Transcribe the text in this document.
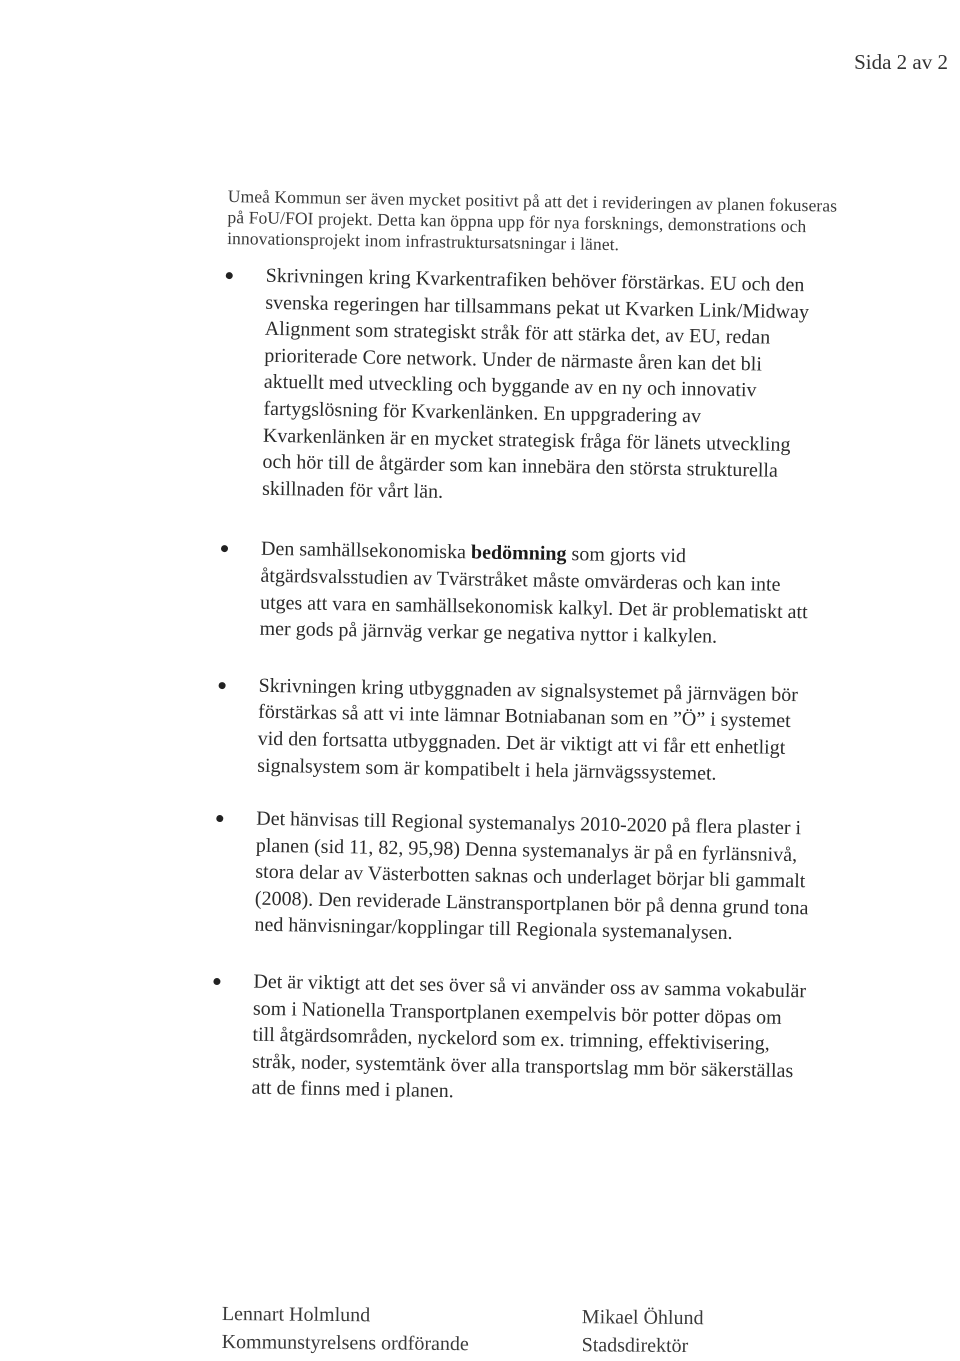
Sida 2 av 2

Umeå Kommun ser även mycket positivt på att det i revideringen av planen fokuseras på FoU/FOI projekt. Detta kan öppna upp för nya forsknings, demonstrations och innovationsprojekt inom infrastruktursatsningar i länet.

Skrivningen kring Kvarkentrafiken behöver förstärkas. EU och den svenska regeringen har tillsammans pekat ut Kvarken Link/Midway Alignment som strategiskt stråk för att stärka det, av EU, redan prioriterade Core network. Under de närmaste åren kan det bli aktuellt med utveckling och byggande av en ny och innovativ fartygslösning för Kvarkenlänken. En uppgradering av Kvarkenlänken är en mycket strategisk fråga för länets utveckling och hör till de åtgärder som kan innebära den största strukturella skillnaden för vårt län.
Den samhällsekonomiska bedömning som gjorts vid åtgärdsvalsstudien av Tvärstråket måste omvärderas och kan inte utges att vara en samhällsekonomisk kalkyl. Det är problematiskt att mer gods på järnväg verkar ge negativa nyttor i kalkylen.
Skrivningen kring utbyggnaden av signalsystemet på järnvägen bör förstärkas så att vi inte lämnar Botniabanan som en ”Ö” i systemet vid den fortsatta utbyggnaden. Det är viktigt att vi får ett enhetligt signalsystem som är kompatibelt i hela järnvägssystemet.
Det hänvisas till Regional systemanalys 2010-2020 på flera plaster i planen (sid 11, 82, 95,98) Denna systemanalys är på en fyrlänsnivå, stora delar av Västerbotten saknas och underlaget börjar bli gammalt (2008). Den reviderade Länstransportplanen bör på denna grund tona ned hänvisningar/kopplingar till Regionala systemanalysen.
Det är viktigt att det ses över så vi använder oss av samma vokabulär som i Nationella Transportplanen exempelvis bör potter döpas om till åtgärdsområden, nyckelord som ex. trimning, effektivisering, stråk, noder, systemtänk över alla transportslag mm bör säkerställas att de finns med i planen.
Lennart Holmlund
Kommunstyrelsens ordförande
Mikael Öhlund
Stadsdirektör
